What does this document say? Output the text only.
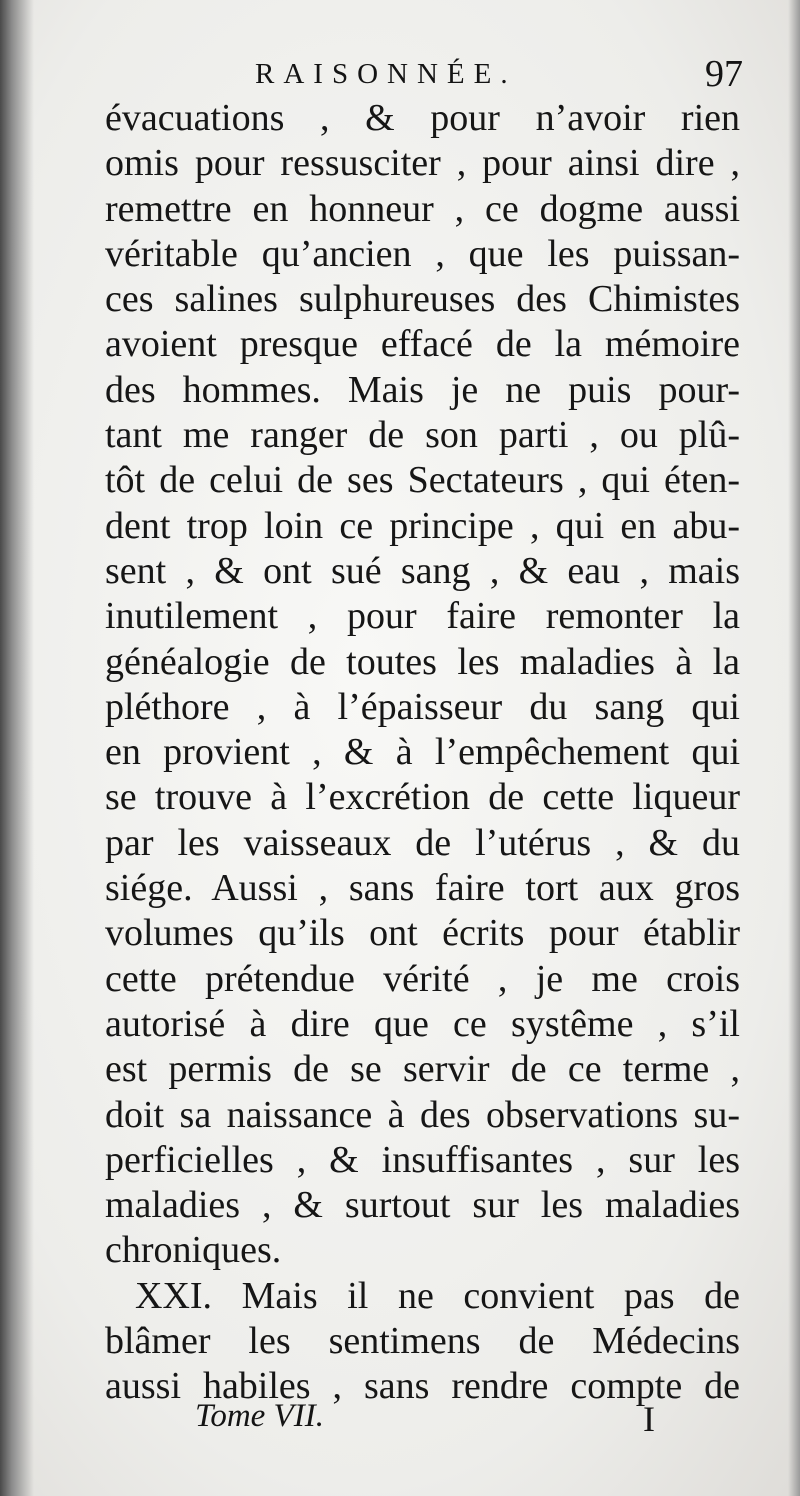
RAISONNÉE.	97
évacuations , & pour n’avoir rien
omis pour ressusciter , pour ainsi dire ,
remettre en honneur , ce dogme aussi
véritable qu’ancien , que les puissan-
ces salines sulphureuses des Chimistes
avoient presque effacé de la mémoire
des hommes. Mais je ne puis pour-
tant me ranger de son parti , ou plû-
tôt de celui de ses Sectateurs , qui éten-
dent trop loin ce principe , qui en abu-
sent , & ont sué sang , & eau , mais
inutilement , pour faire remonter la
généalogie de toutes les maladies à la
pléthore , à l’épaisseur du sang qui
en provient , & à l’empêchement qui
se trouve à l’excrétion de cette liqueur
par les vaisseaux de l’utérus , & du
siége. Aussi , sans faire tort aux gros
volumes qu’ils ont écrits pour établir
cette prétendue vérité , je me crois
autorisé à dire que ce systême , s’il
est permis de se servir de ce terme ,
doit sa naissance à des observations su-
perficielles , & insuffisantes , sur les
maladies , & surtout sur les maladies
chroniques.
XXI. Mais il ne convient pas de
blâmer les sentimens de Médecins
aussi habiles , sans rendre compte de
Tome VII.	I
